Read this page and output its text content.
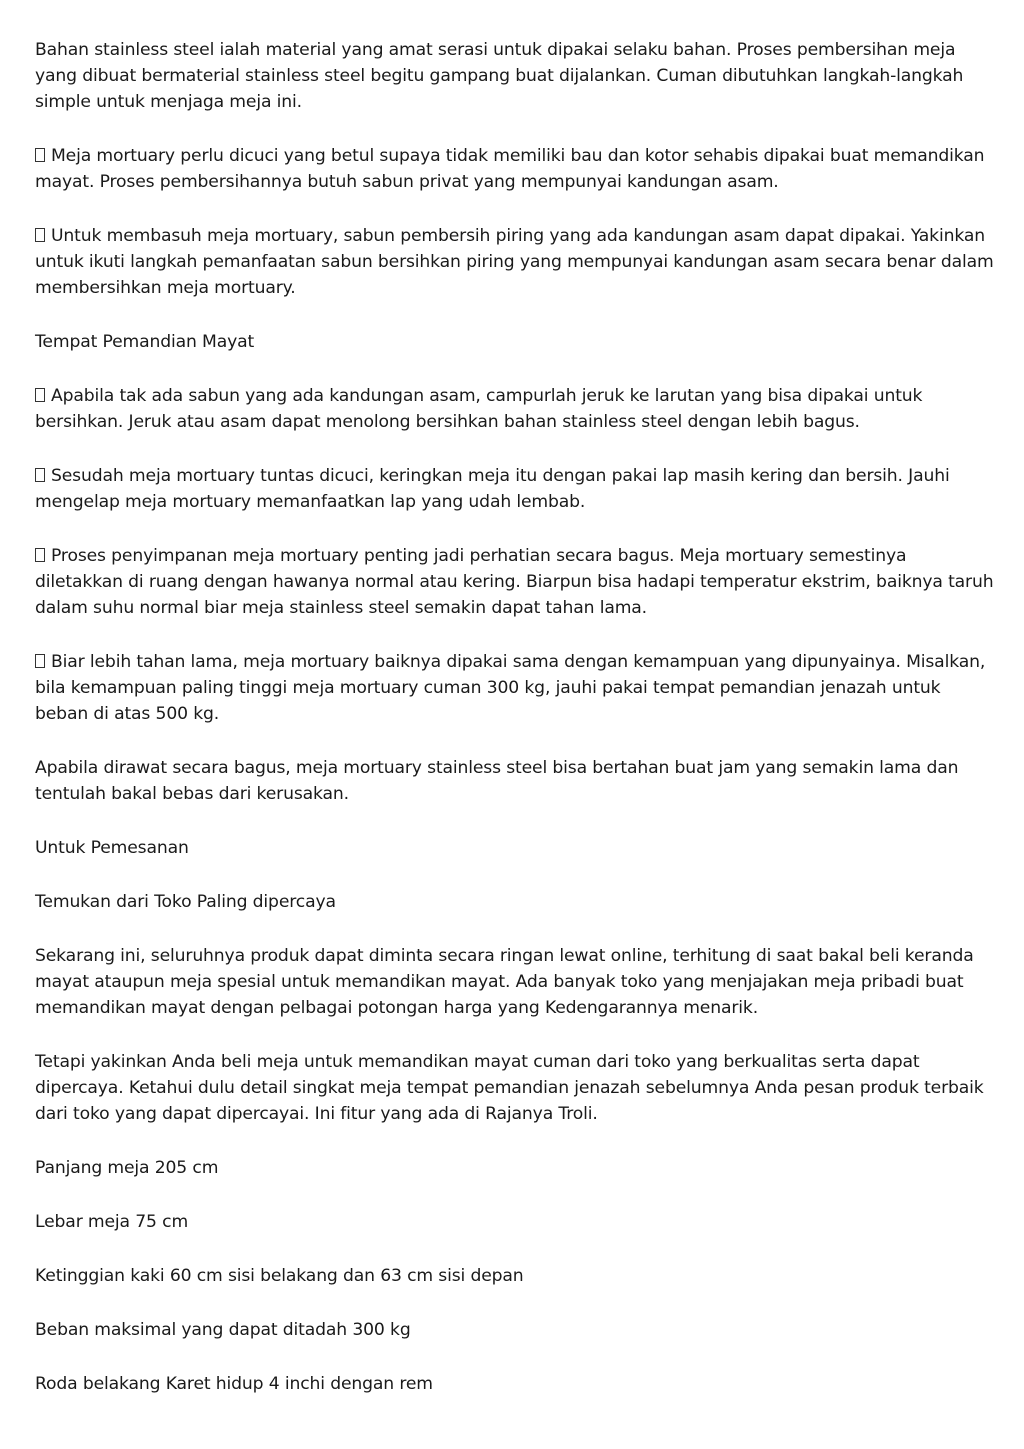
Bahan stainless steel ialah material yang amat serasi untuk dipakai selaku bahan. Proses pembersihan meja yang dibuat bermaterial stainless steel begitu gampang buat dijalankan. Cuman dibutuhkan langkah-langkah simple untuk menjaga meja ini.

Meja mortuary perlu dicuci yang betul supaya tidak memiliki bau dan kotor sehabis dipakai buat memandikan mayat. Proses pembersihannya butuh sabun privat yang mempunyai kandungan asam.

Untuk membasuh meja mortuary, sabun pembersih piring yang ada kandungan asam dapat dipakai. Yakinkan untuk ikuti langkah pemanfaatan sabun bersihkan piring yang mempunyai kandungan asam secara benar dalam membersihkan meja mortuary.

Tempat Pemandian Mayat

Apabila tak ada sabun yang ada kandungan asam, campurlah jeruk ke larutan yang bisa dipakai untuk bersihkan. Jeruk atau asam dapat menolong bersihkan bahan stainless steel dengan lebih bagus.

Sesudah meja mortuary tuntas dicuci, keringkan meja itu dengan pakai lap masih kering dan bersih. Jauhi mengelap meja mortuary memanfaatkan lap yang udah lembab.

Proses penyimpanan meja mortuary penting jadi perhatian secara bagus. Meja mortuary semestinya diletakkan di ruang dengan hawanya normal atau kering. Biarpun bisa hadapi temperatur ekstrim, baiknya taruh dalam suhu normal biar meja stainless steel semakin dapat tahan lama.

Biar lebih tahan lama, meja mortuary baiknya dipakai sama dengan kemampuan yang dipunyainya. Misalkan, bila kemampuan paling tinggi meja mortuary cuman 300 kg, jauhi pakai tempat pemandian jenazah untuk beban di atas 500 kg.

Apabila dirawat secara bagus, meja mortuary stainless steel bisa bertahan buat jam yang semakin lama dan tentulah bakal bebas dari kerusakan.

Untuk Pemesanan

Temukan dari Toko Paling dipercaya

Sekarang ini, seluruhnya produk dapat diminta secara ringan lewat online, terhitung di saat bakal beli keranda mayat ataupun meja spesial untuk memandikan mayat. Ada banyak toko yang menjajakan meja pribadi buat memandikan mayat dengan pelbagai potongan harga yang Kedengarannya menarik.

Tetapi yakinkan Anda beli meja untuk memandikan mayat cuman dari toko yang berkualitas serta dapat dipercaya. Ketahui dulu detail singkat meja tempat pemandian jenazah sebelumnya Anda pesan produk terbaik dari toko yang dapat dipercayai. Ini fitur yang ada di Rajanya Troli.

Panjang meja 205 cm

Lebar meja 75 cm

Ketinggian kaki 60 cm sisi belakang dan 63 cm sisi depan

Beban maksimal yang dapat ditadah 300 kg

Roda belakang Karet hidup 4 inchi dengan rem
